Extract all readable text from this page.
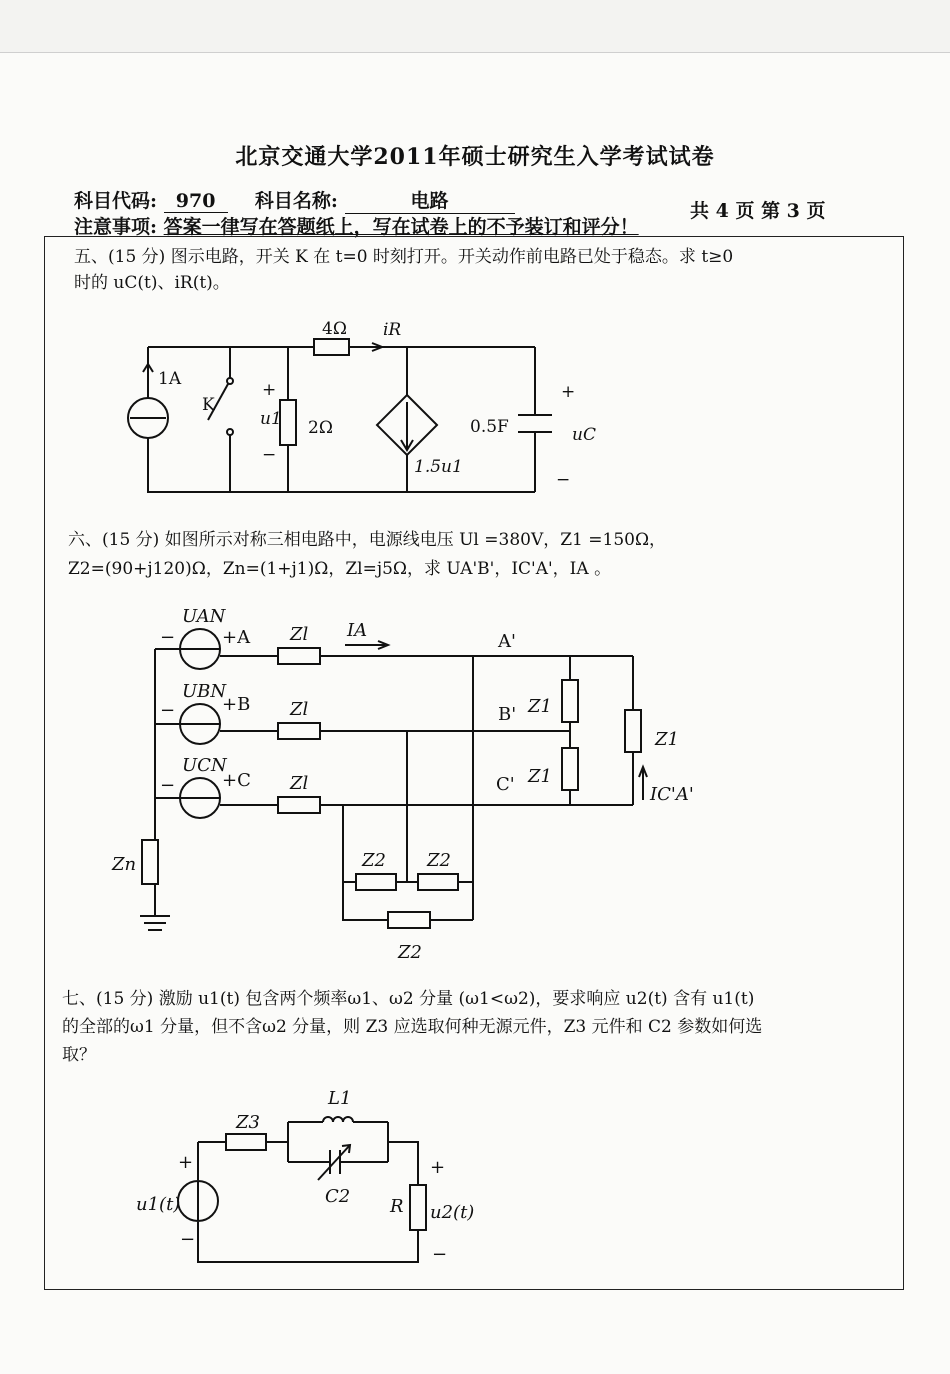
北京交通大学2011年硕士研究生入学考试试卷
科目代码: 970 科目名称:	电路	共 4 页 第 3 页
注意事项: 答案一律写在答题纸上，写在试卷上的不予装订和评分！
五、(15 分) 图示电路，开关 K 在 t=0 时刻打开。开关动作前电路已处于稳态。求 t≥0
时的 uC(t)、iR(t)。
1A
K
+
u1
−
2Ω
4Ω iR
1.5u1
0.5F
+
uC
−
UAN
−	+A
UBN
−	+B
UCN
−	+C
Zl
Zl
Zl
IA
A'
B'
C'
Z1
Z1
Z1
IC'A'
Zn	Z2 Z2
Z2
Z3
L1
C2
+
u1(t)
−
R
+
u2(t)
−
六、(15 分) 如图所示对称三相电路中，电源线电压 Ul =380V，Z1 =150Ω，
Z2=(90+j120)Ω，Zn=(1+j1)Ω，Zl=j5Ω，求 UA'B'，IC'A'，IA 。
七、(15 分) 激励 u1(t) 包含两个频率ω1、ω2 分量 (ω1<ω2)，要求响应 u2(t) 含有 u1(t)
的全部的ω1 分量，但不含ω2 分量，则 Z3 应选取何种无源元件，Z3 元件和 C2 参数如何选
取？
